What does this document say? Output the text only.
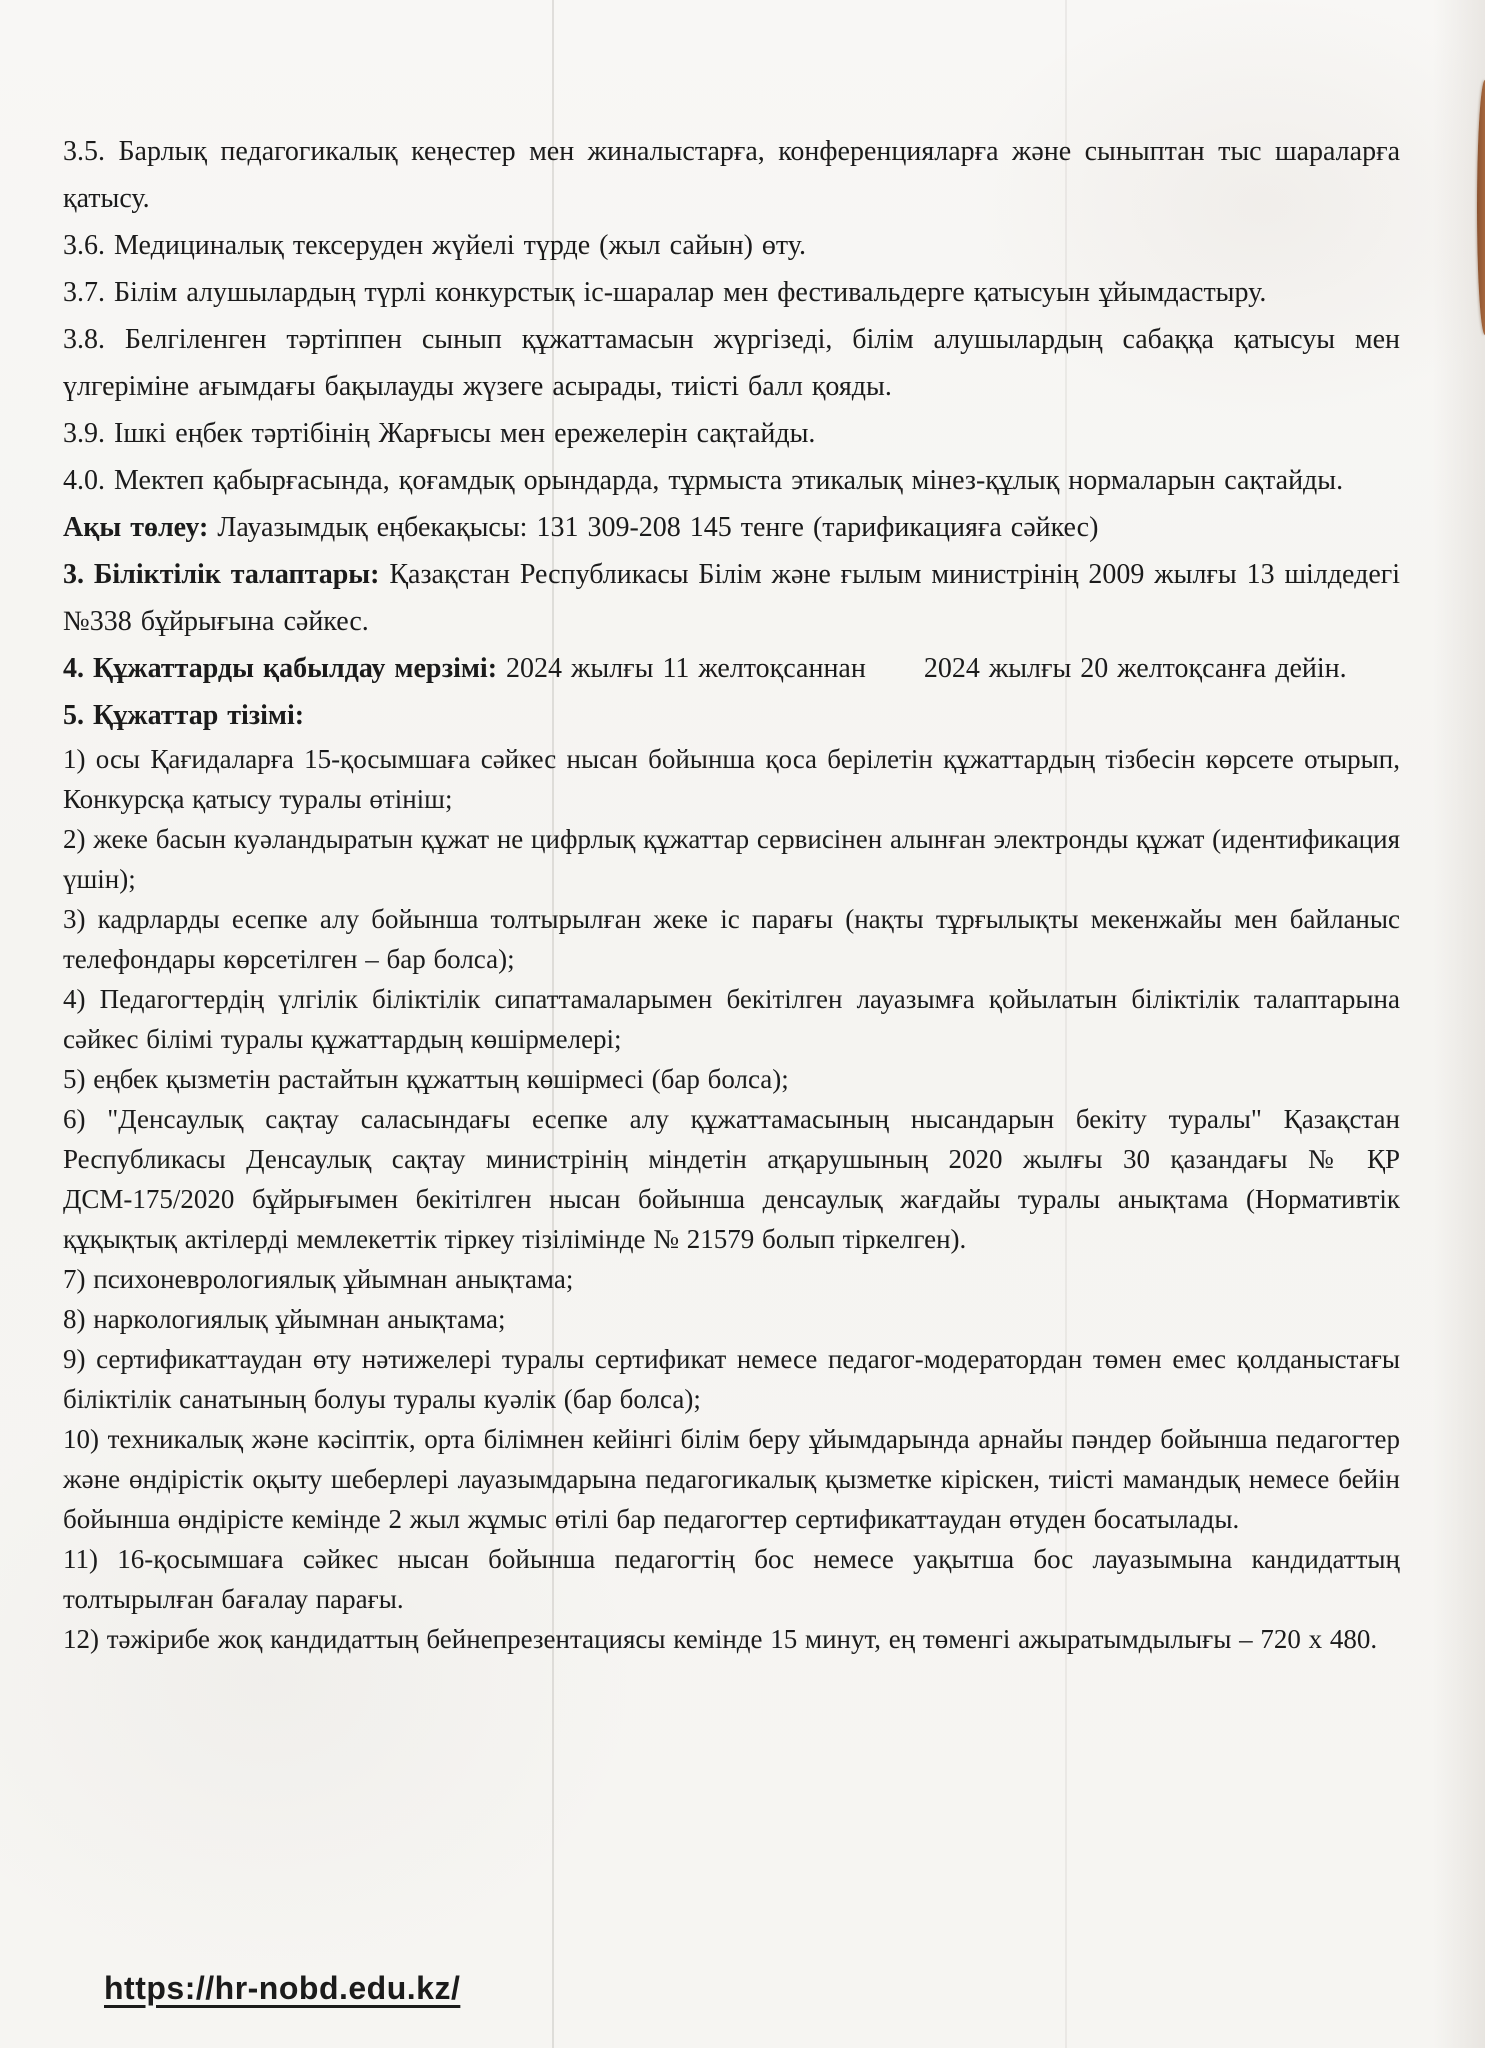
3.5. Барлық педагогикалық кеңестер мен жиналыстарға, конференцияларға және сыныптан тыс шараларға қатысу.

3.6. Медициналық тексеруден жүйелі түрде (жыл сайын) өту.

3.7. Білім алушылардың түрлі конкурстық іс-шаралар мен фестивальдерге қатысуын ұйымдастыру.

3.8. Белгіленген тәртіппен сынып құжаттамасын жүргізеді, білім алушылардың сабаққа қатысуы мен үлгеріміне ағымдағы бақылауды жүзеге асырады, тиісті балл қояды.

3.9. Ішкі еңбек тәртібінің Жарғысы мен ережелерін сақтайды.

4.0. Мектеп қабырғасында, қоғамдық орындарда, тұрмыста этикалық мінез-құлық нормаларын сақтайды.

Ақы төлеу: Лауазымдық еңбекақысы: 131 309-208 145 тенге (тарификацияға сәйкес)

3. Біліктілік талаптары: Қазақстан Республикасы Білім және ғылым министрінің 2009 жылғы 13 шілдедегі №338 бұйрығына сәйкес.

4. Құжаттарды қабылдау мерзімі: 2024 жылғы 11 желтоқсаннан 2024 жылғы 20 желтоқсанға дейін.

5. Құжаттар тізімі:

1) осы Қағидаларға 15-қосымшаға сәйкес нысан бойынша қоса берілетін құжаттардың тізбесін көрсете отырып, Конкурсқа қатысу туралы өтініш;

2) жеке басын куәландыратын құжат не цифрлық құжаттар сервисінен алынған электронды құжат (идентификация үшін);

3) кадрларды есепке алу бойынша толтырылған жеке іс парағы (нақты тұрғылықты мекенжайы мен байланыс телефондары көрсетілген – бар болса);

4) Педагогтердің үлгілік біліктілік сипаттамаларымен бекітілген лауазымға қойылатын біліктілік талаптарына сәйкес білімі туралы құжаттардың көшірмелері;

5) еңбек қызметін растайтын құжаттың көшірмесі (бар болса);

6) "Денсаулық сақтау саласындағы есепке алу құжаттамасының нысандарын бекіту туралы" Қазақстан Республикасы Денсаулық сақтау министрінің міндетін атқарушының 2020 жылғы 30 қазандағы № ҚР ДСМ-175/2020 бұйрығымен бекітілген нысан бойынша денсаулық жағдайы туралы анықтама (Нормативтік құқықтық актілерді мемлекеттік тіркеу тізілімінде № 21579 болып тіркелген).

7) психоневрологиялық ұйымнан анықтама;

8) наркологиялық ұйымнан анықтама;

9) сертификаттаудан өту нәтижелері туралы сертификат немесе педагог-модератордан төмен емес қолданыстағы біліктілік санатының болуы туралы куәлік (бар болса);

10) техникалық және кәсіптік, орта білімнен кейінгі білім беру ұйымдарында арнайы пәндер бойынша педагогтер және өндірістік оқыту шеберлері лауазымдарына педагогикалық қызметке кіріскен, тиісті мамандық немесе бейін бойынша өндірісте кемінде 2 жыл жұмыс өтілі бар педагогтер сертификаттаудан өтуден босатылады.

11) 16-қосымшаға сәйкес нысан бойынша педагогтің бос немесе уақытша бос лауазымына кандидаттың толтырылған бағалау парағы.

12) тәжірибе жоқ кандидаттың бейнепрезентациясы кемінде 15 минут, ең төменгі ажыратымдылығы – 720 x 480.

https://hr-nobd.edu.kz/
